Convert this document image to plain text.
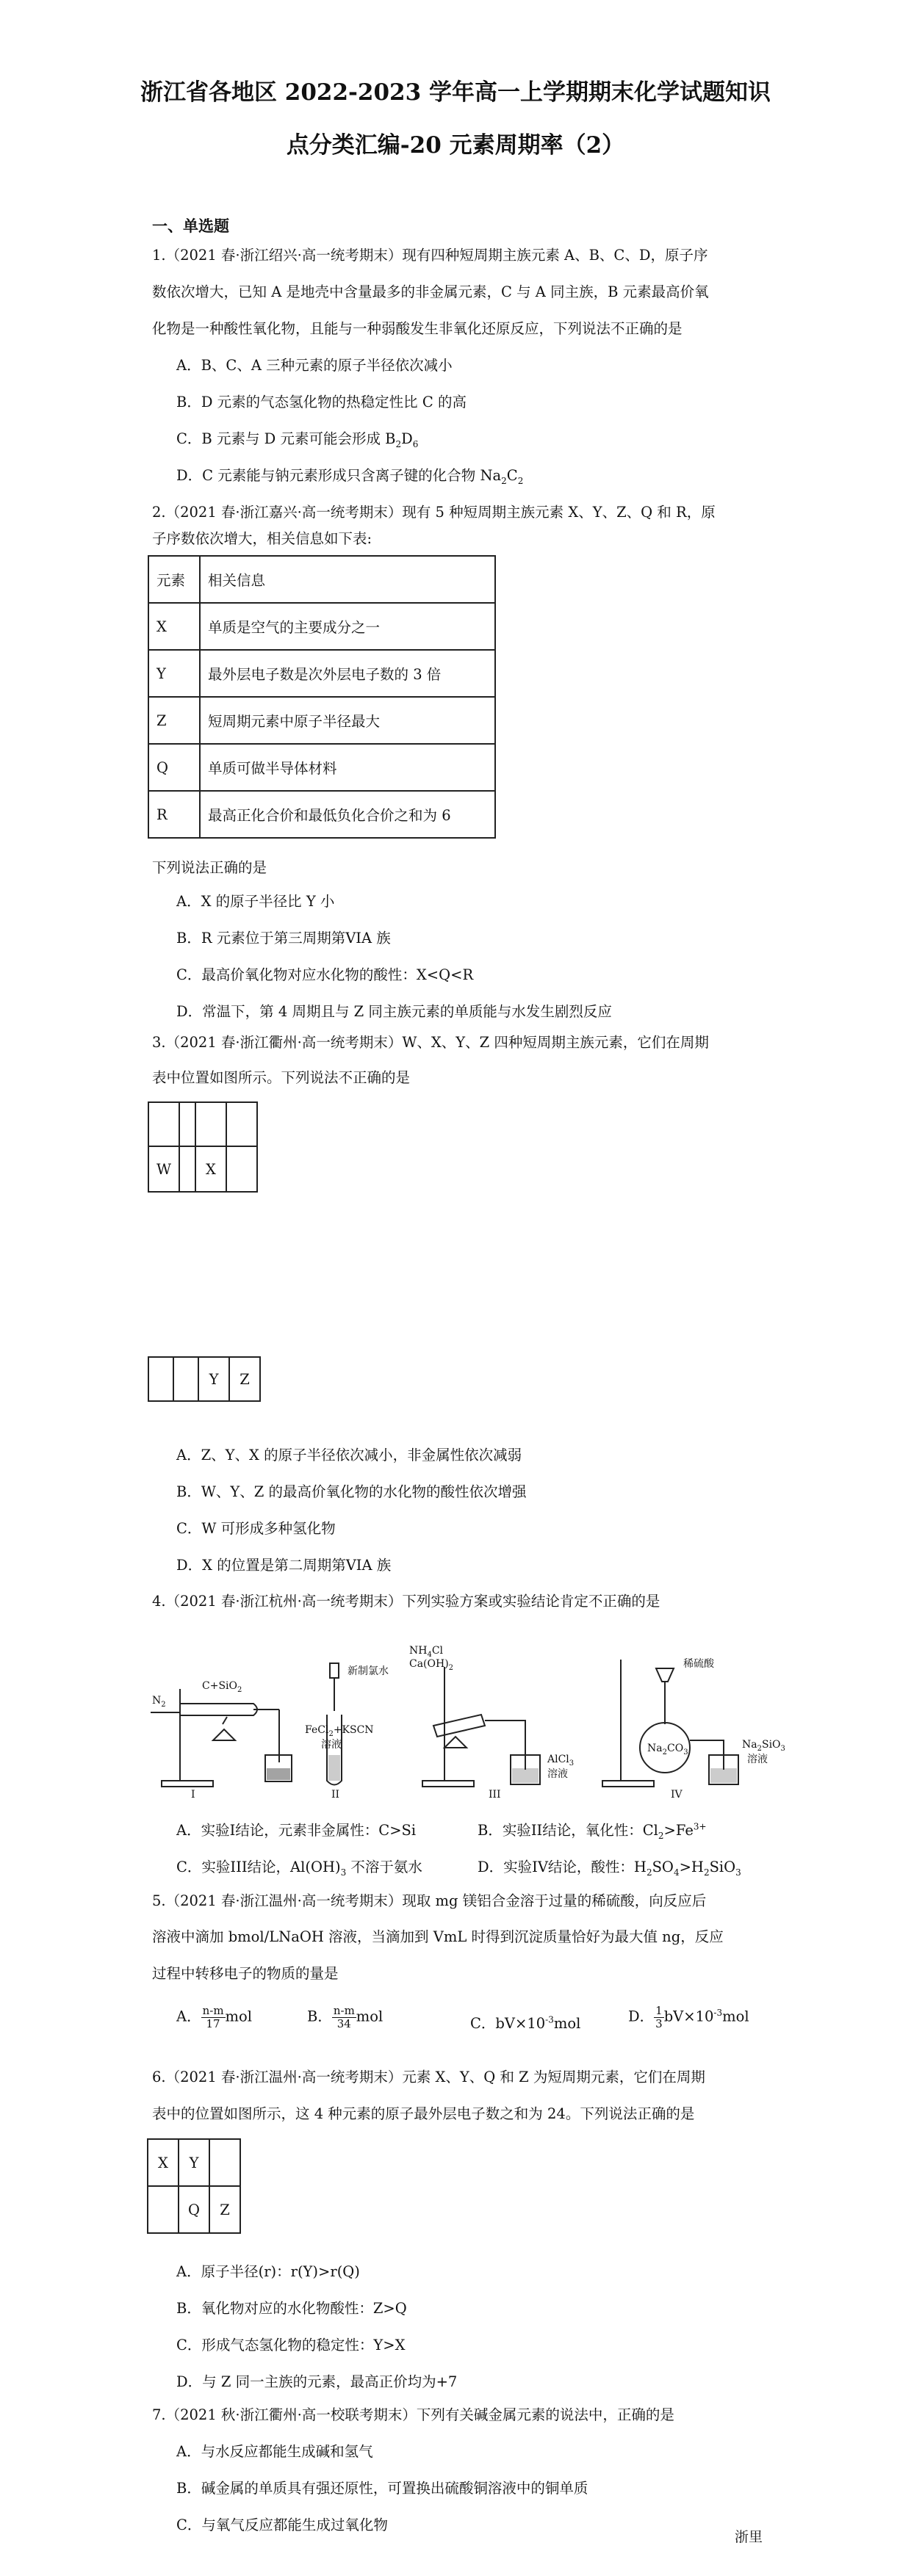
浙江省各地区 2022-2023 学年高一上学期期末化学试题知识
点分类汇编-20 元素周期率（2）
一、单选题
1.（2021 春·浙江绍兴·高一统考期末）现有四种短周期主族元素 A、B、C、D，原子序
数依次增大，已知 A 是地壳中含量最多的非金属元素，C 与 A 同主族，B 元素最高价氧
化物是一种酸性氧化物，且能与一种弱酸发生非氧化还原反应，下列说法不正确的是
A．B、C、A 三种元素的原子半径依次减小
B．D 元素的气态氢化物的热稳定性比 C 的高
C．B 元素与 D 元素可能会形成 $B_2D_6$
D．C 元素能与钠元素形成只含离子键的化合物 $Na_2C_2$
2.（2021 春·浙江嘉兴·高一统考期末）现有 5 种短周期主族元素 X、Y、Z、Q 和 R，原
子序数依次增大，相关信息如下表:
元素	相关信息
X	单质是空气的主要成分之一
Y	最外层电子数是次外层电子数的 3 倍
Z	短周期元素中原子半径最大
Q	单质可做半导体材料
R	最高正化合价和最低负化合价之和为 6
下列说法正确的是
A．X 的原子半径比 Y 小
B．R 元素位于第三周期第VIA 族
C．最高价氧化物对应水化物的酸性：X<Q<R
D．常温下，第 4 周期且与 Z 同主族元素的单质能与水发生剧烈反应
3.（2021 春·浙江衢州·高一统考期末）W、X、Y、Z 四种短周期主族元素，它们在周期
表中位置如图所示。下列说法不正确的是

W		X	
		Y	Z
A．Z、Y、X 的原子半径依次减小，非金属性依次减弱
B．W、Y、Z 的最高价氧化物的水化物的酸性依次增强
C．W 可形成多种氢化物
D．X 的位置是第二周期第VIA 族
4.（2021 春·浙江杭州·高一统考期末）下列实验方案或实验结论肯定不正确的是
$N_2$
C+SiO$_2$
新制氯水
FeCl$_2$+KSCN
溶液
$NH_4Cl$
$Ca(OH)_2$
AlCl$_3$
溶液
稀硫酸
$Na_2CO_3$
$Na_2SiO_3$
溶液
I	II	III	IV
A．实验I结论，元素非金属性：C>Si	B．实验II结论，氧化性：$Cl_2>Fe^{3+}$
C．实验III结论，$Al(OH)_3$ 不溶于氨水	D．实验IV结论，酸性：$H_2SO_4>H_2SiO_3$
5.（2021 春·浙江温州·高一统考期末）现取 mg 镁铝合金溶于过量的稀硫酸，向反应后
溶液中滴加 bmol/LNaOH 溶液，当滴加到 VmL 时得到沉淀质量恰好为最大值 ng，反应
过程中转移电子的物质的量是
A． $\frac{n-m}{17}$ mol	B． $\frac{n-m}{34}$ mol	C．$bV\times 10^{-3}mol$	D． $\frac{1}{3} bV\times 10^{-3}mol$
6.（2021 春·浙江温州·高一统考期末）元素 X、Y、Q 和 Z 为短周期元素，它们在周期
表中的位置如图所示，这 4 种元素的原子最外层电子数之和为 24。下列说法正确的是
X	Y	
	Q	Z
A．原子半径(r)：r(Y)>r(Q)
B．氧化物对应的水化物酸性：Z>Q
C．形成气态氢化物的稳定性：Y>X
D．与 Z 同一主族的元素，最高正价均为+7
7.（2021 秋·浙江衢州·高一校联考期末）下列有关碱金属元素的说法中，正确的是
A．与水反应都能生成碱和氢气
B．碱金属的单质具有强还原性，可置换出硫酸铜溶液中的铜单质
C．与氧气反应都能生成过氧化物
浙里
